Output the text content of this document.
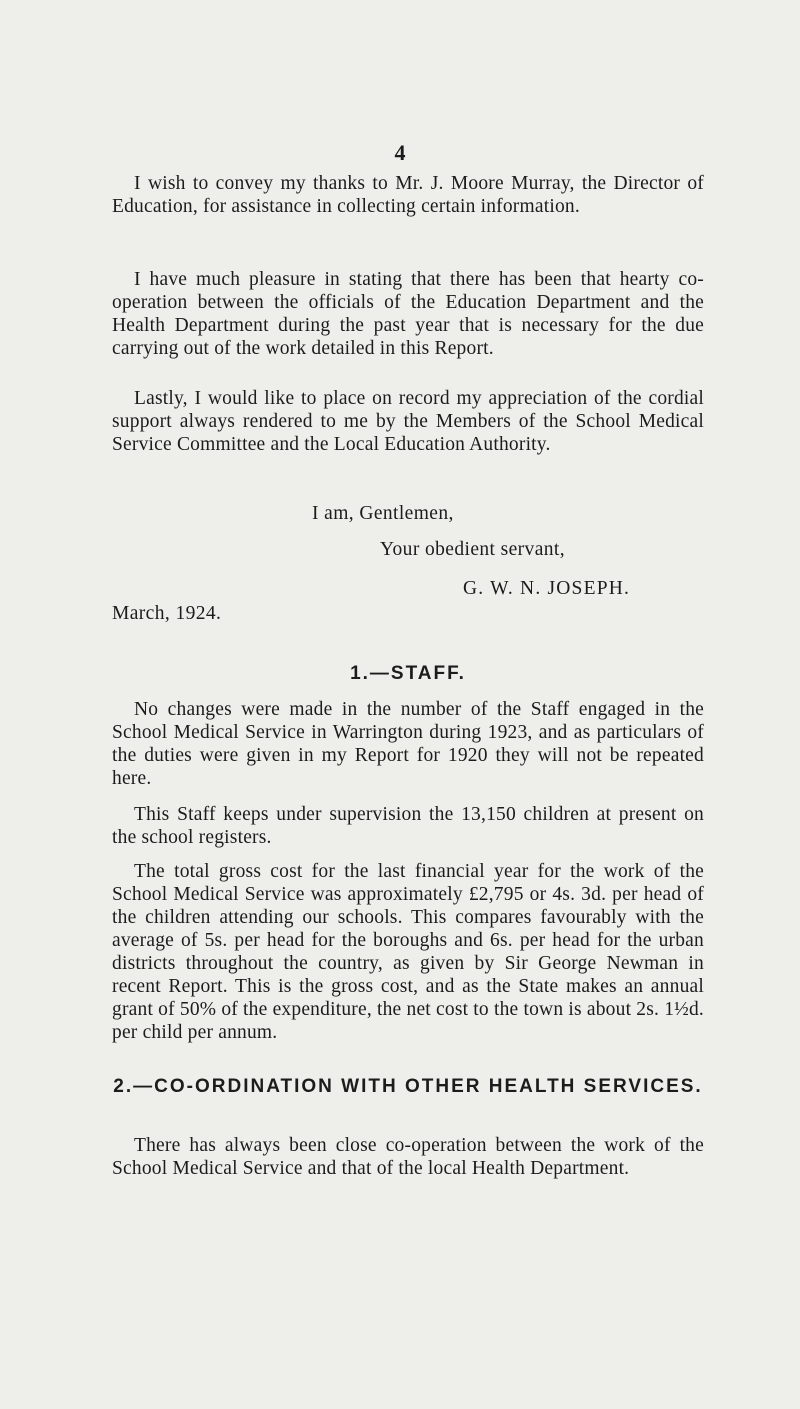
4

I wish to convey my thanks to Mr. J. Moore Murray, the Director of Education, for assistance in collecting certain information.

I have much pleasure in stating that there has been that hearty co-operation between the officials of the Education Department and the Health Department during the past year that is necessary for the due carrying out of the work detailed in this Report.

Lastly, I would like to place on record my appreciation of the cordial support always rendered to me by the Members of the School Medical Service Committee and the Local Education Authority.

I am, Gentlemen,
Your obedient servant,
G. W. N. JOSEPH.
March, 1924.
1.—STAFF.

No changes were made in the number of the Staff engaged in the School Medical Service in Warrington during 1923, and as particulars of the duties were given in my Report for 1920 they will not be repeated here.

This Staff keeps under supervision the 13,150 children at present on the school registers.

The total gross cost for the last financial year for the work of the School Medical Service was approximately £2,795 or 4s. 3d. per head of the children attending our schools. This compares favourably with the average of 5s. per head for the boroughs and 6s. per head for the urban districts throughout the country, as given by Sir George Newman in recent Report. This is the gross cost, and as the State makes an annual grant of 50% of the expenditure, the net cost to the town is about 2s. 1½d. per child per annum.

2.—CO-ORDINATION WITH OTHER HEALTH SERVICES.

There has always been close co-operation between the work of the School Medical Service and that of the local Health Department.
